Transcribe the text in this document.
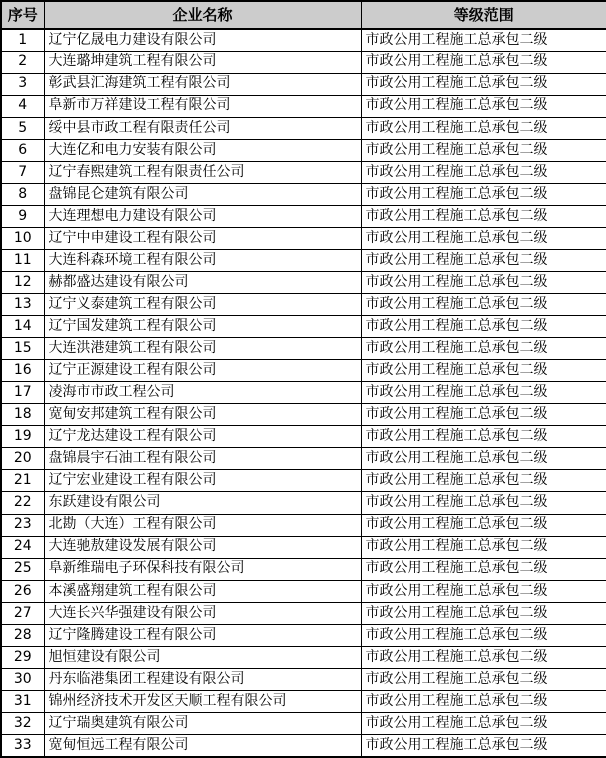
序号	企业名称	等级范围
1	辽宁亿晟电力建设有限公司	市政公用工程施工总承包二级
2	大连璐坤建筑工程有限公司	市政公用工程施工总承包二级
3	彰武县汇海建筑工程有限公司	市政公用工程施工总承包二级
4	阜新市万祥建设工程有限公司	市政公用工程施工总承包二级
5	绥中县市政工程有限责任公司	市政公用工程施工总承包二级
6	大连亿和电力安装有限公司	市政公用工程施工总承包二级
7	辽宁春熙建筑工程有限责任公司	市政公用工程施工总承包二级
8	盘锦昆仑建筑有限公司	市政公用工程施工总承包二级
9	大连理想电力建设有限公司	市政公用工程施工总承包二级
10	辽宁中申建设工程有限公司	市政公用工程施工总承包二级
11	大连科森环境工程有限公司	市政公用工程施工总承包二级
12	赫都盛达建设有限公司	市政公用工程施工总承包二级
13	辽宁义泰建筑工程有限公司	市政公用工程施工总承包二级
14	辽宁国发建筑工程有限公司	市政公用工程施工总承包二级
15	大连洪港建筑工程有限公司	市政公用工程施工总承包二级
16	辽宁正源建设工程有限公司	市政公用工程施工总承包二级
17	凌海市市政工程公司	市政公用工程施工总承包二级
18	宽甸安邦建筑工程有限公司	市政公用工程施工总承包二级
19	辽宁龙达建设工程有限公司	市政公用工程施工总承包二级
20	盘锦晨宇石油工程有限公司	市政公用工程施工总承包二级
21	辽宁宏业建设工程有限公司	市政公用工程施工总承包二级
22	东跃建设有限公司	市政公用工程施工总承包二级
23	北勘（大连）工程有限公司	市政公用工程施工总承包二级
24	大连驰敖建设发展有限公司	市政公用工程施工总承包二级
25	阜新维瑞电子环保科技有限公司	市政公用工程施工总承包二级
26	本溪盛翔建筑工程有限公司	市政公用工程施工总承包二级
27	大连长兴华强建设有限公司	市政公用工程施工总承包二级
28	辽宁隆腾建设工程有限公司	市政公用工程施工总承包二级
29	旭恒建设有限公司	市政公用工程施工总承包二级
30	丹东临港集团工程建设有限公司	市政公用工程施工总承包二级
31	锦州经济技术开发区天顺工程有限公司	市政公用工程施工总承包二级
32	辽宁瑞奥建筑有限公司	市政公用工程施工总承包二级
33	宽甸恒远工程有限公司	市政公用工程施工总承包二级
